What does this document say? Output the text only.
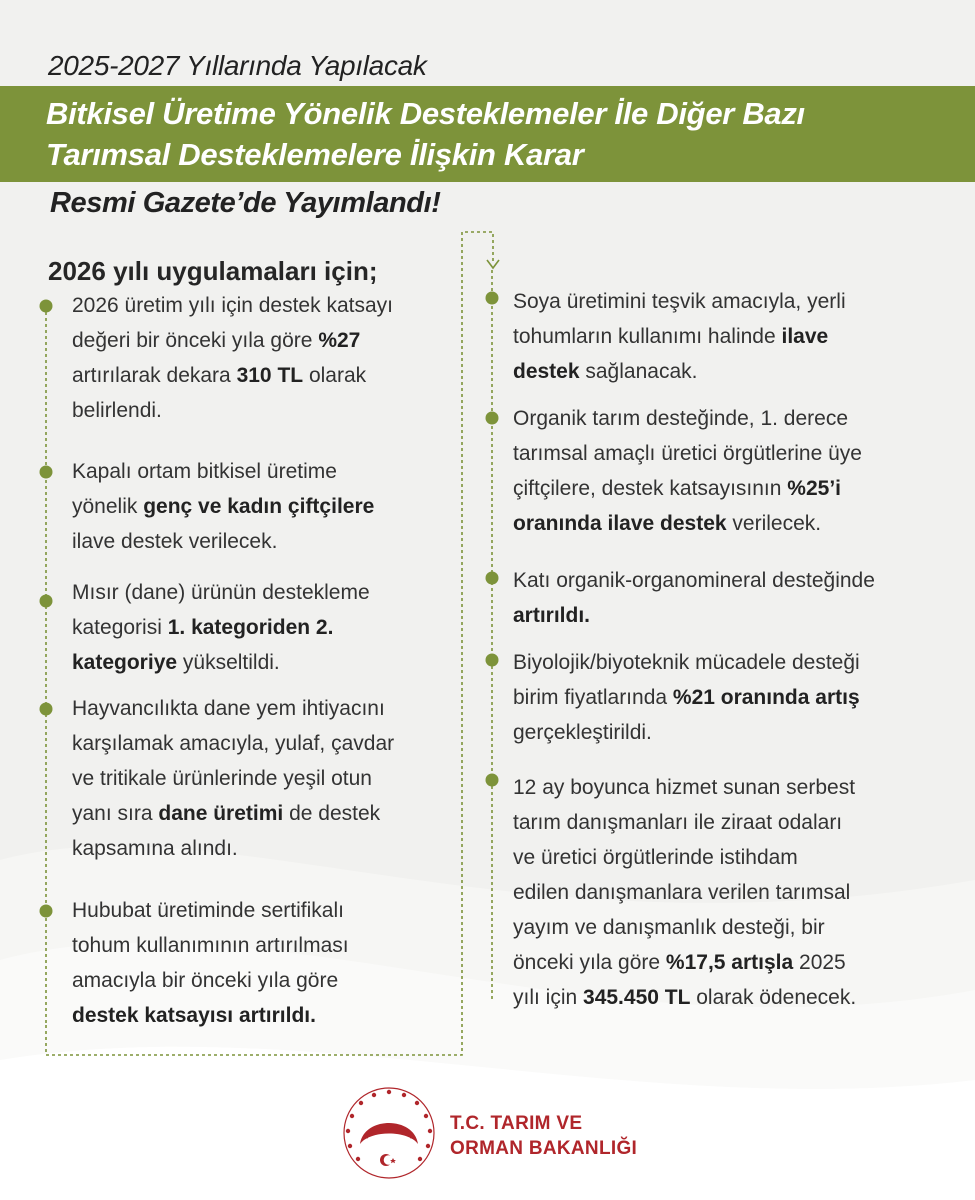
2025-2027 Yıllarında Yapılacak
Bitkisel Üretime Yönelik Desteklemeler İle Diğer Bazı
Tarımsal Desteklemelere İlişkin Karar
Resmi Gazete’de Yayımlandı!
2026 yılı uygulamaları için;
2026 üretim yılı için destek katsayı
değeri bir önceki yıla göre %27
artırılarak dekara 310 TL olarak
belirlendi.
Kapalı ortam bitkisel üretime
yönelik genç ve kadın çiftçilere
ilave destek verilecek.
Mısır (dane) ürünün destekleme
kategorisi 1. kategoriden 2.
kategoriye yükseltildi.
Hayvancılıkta dane yem ihtiyacını
karşılamak amacıyla, yulaf, çavdar
ve tritikale ürünlerinde yeşil otun
yanı sıra dane üretimi de destek
kapsamına alındı.
Hububat üretiminde sertifikalı
tohum kullanımının artırılması
amacıyla bir önceki yıla göre
destek katsayısı artırıldı.
Soya üretimini teşvik amacıyla, yerli
tohumların kullanımı halinde ilave
destek sağlanacak.
Organik tarım desteğinde, 1. derece
tarımsal amaçlı üretici örgütlerine üye
çiftçilere, destek katsayısının %25’i
oranında ilave destek verilecek.
Katı organik-organomineral desteğinde
artırıldı.
Biyolojik/biyoteknik mücadele desteği
birim fiyatlarında %21 oranında artış
gerçekleştirildi.
12 ay boyunca hizmet sunan serbest
tarım danışmanları ile ziraat odaları
ve üretici örgütlerinde istihdam
edilen danışmanlara verilen tarımsal
yayım ve danışmanlık desteği, bir
önceki yıla göre %17,5 artışla 2025
yılı için 345.450 TL olarak ödenecek.
T.C. TARIM VE
ORMAN BAKANLIĞI
